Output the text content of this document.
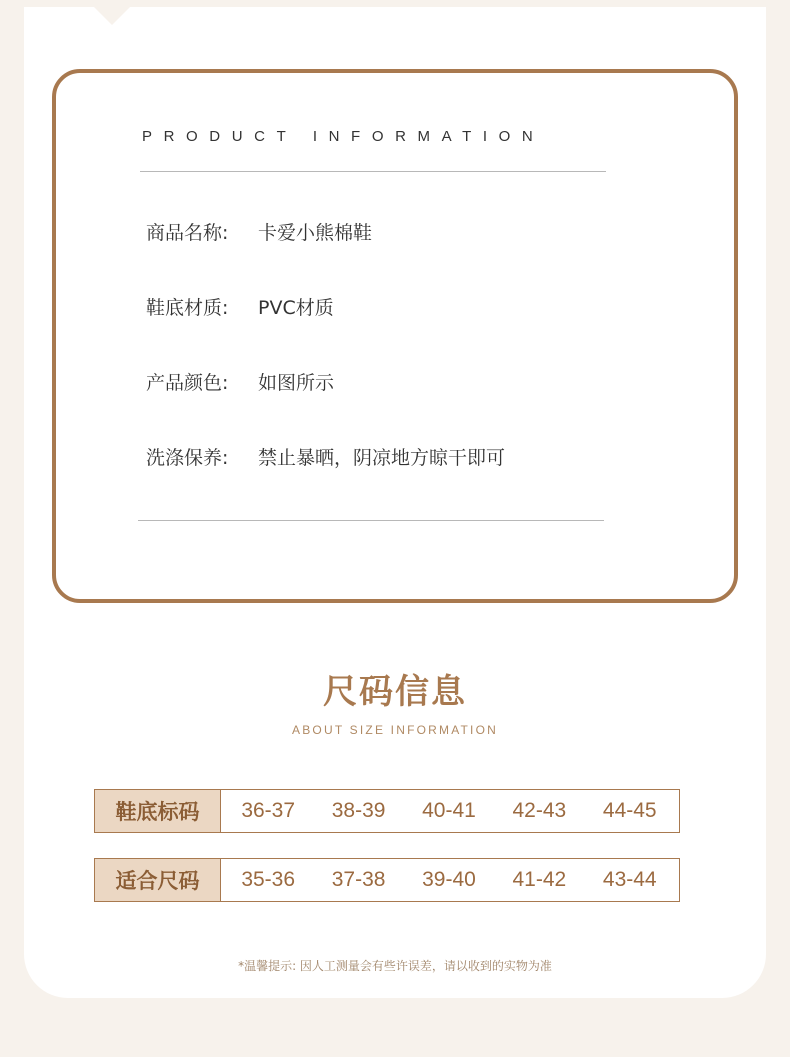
PRODUCT INFORMATION
商品名称: 卡爱小熊棉鞋
鞋底材质: PVC材质
产品颜色: 如图所示
洗涤保养: 禁止暴晒，阴凉地方晾干即可
尺码信息
ABOUT SIZE INFORMATION
鞋底标码	36-37	38-39	40-41	42-43	44-45
适合尺码	35-36	37-38	39-40	41-42	43-44
*温馨提示: 因人工测量会有些许误差，请以收到的实物为准
